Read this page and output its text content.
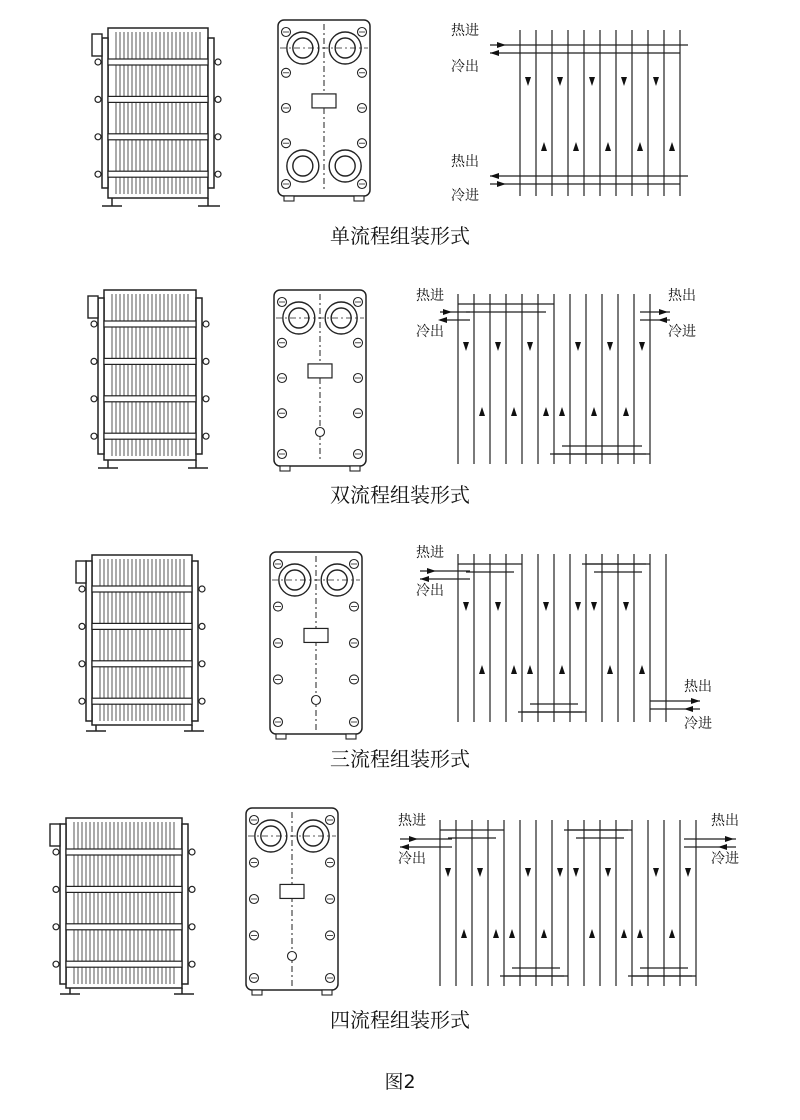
单流程组装形式
热进
冷出
热出
冷进
双流程组装形式
热进
冷出
热出
冷进
三流程组装形式
热进
冷出
热出
冷进
四流程组装形式
热进
冷出
热出
冷进
图2
